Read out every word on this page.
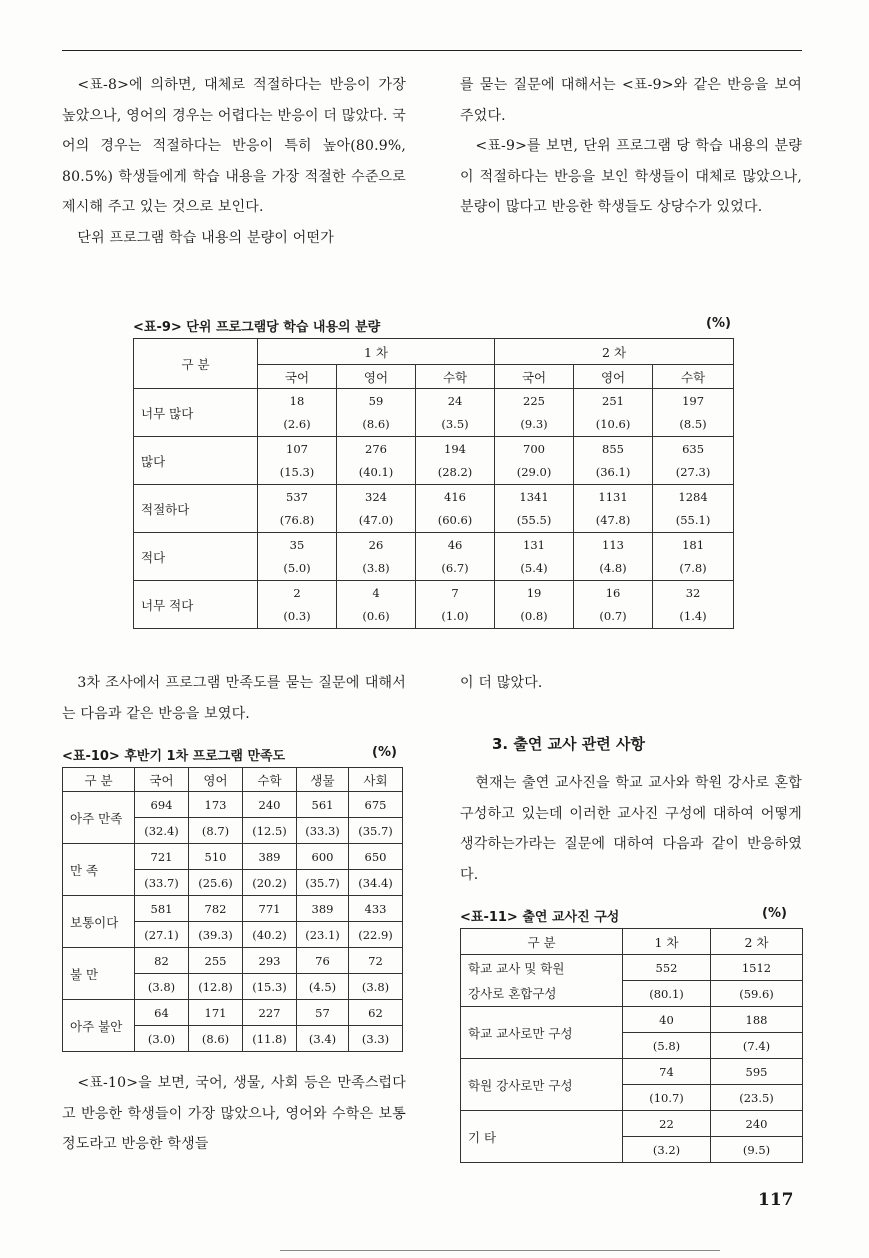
<표-8>에 의하면, 대체로 적절하다는 반응이 가장 높았으나, 영어의 경우는 어렵다는 반응이 더 많았다. 국어의 경우는 적절하다는 반응이 특히 높아(80.9%, 80.5%) 학생들에게 학습 내용을 가장 적절한 수준으로 제시해 주고 있는 것으로 보인다.

단위 프로그램 학습 내용의 분량이 어떤가

를 묻는 질문에 대해서는 <표-9>와 같은 반응을 보여 주었다.

<표-9>를 보면, 단위 프로그램 당 학습 내용의 분량이 적절하다는 반응을 보인 학생들이 대체로 많았으나, 분량이 많다고 반응한 학생들도 상당수가 있었다.

<표-9> 단위 프로그램당 학습 내용의 분량	(%)
구 분	1 차			2 차		
	국어	영어	수학	국어	영어	수학
너무 많다	18	59	24	225	251	197
	(2.6)	(8.6)	(3.5)	(9.3)	(10.6)	(8.5)
많다	107	276	194	700	855	635
	(15.3)	(40.1)	(28.2)	(29.0)	(36.1)	(27.3)
적절하다	537	324	416	1341	1131	1284
	(76.8)	(47.0)	(60.6)	(55.5)	(47.8)	(55.1)
적다	35	26	46	131	113	181
	(5.0)	(3.8)	(6.7)	(5.4)	(4.8)	(7.8)
너무 적다	2	4	7	19	16	32
	(0.3)	(0.6)	(1.0)	(0.8)	(0.7)	(1.4)

3차 조사에서 프로그램 만족도를 묻는 질문에 대해서는 다음과 같은 반응을 보였다.

이 더 많았다.

<표-10> 후반기 1차 프로그램 만족도	(%)
구 분	국어	영어	수학	생물	사회
아주 만족	694	173	240	561	675
	(32.4)	(8.7)	(12.5)	(33.3)	(35.7)
만 족	721	510	389	600	650
	(33.7)	(25.6)	(20.2)	(35.7)	(34.4)
보통이다	581	782	771	389	433
	(27.1)	(39.3)	(40.2)	(23.1)	(22.9)
불 만	82	255	293	76	72
	(3.8)	(12.8)	(15.3)	(4.5)	(3.8)
아주 불안	64	171	227	57	62
	(3.0)	(8.6)	(11.8)	(3.4)	(3.3)

<표-10>을 보면, 국어, 생물, 사회 등은 만족스럽다고 반응한 학생들이 가장 많았으나, 영어와 수학은 보통 정도라고 반응한 학생들

3. 출연 교사 관련 사항

현재는 출연 교사진을 학교 교사와 학원 강사로 혼합 구성하고 있는데 이러한 교사진 구성에 대하여 어떻게 생각하는가라는 질문에 대하여 다음과 같이 반응하였다.

<표-11> 출연 교사진 구성	(%)
구 분	1 차	2 차
학교 교사 및 학원	552	1512
강사로 혼합구성	(80.1)	(59.6)
학교 교사로만 구성	40	188
	(5.8)	(7.4)
학원 강사로만 구성	74	595
	(10.7)	(23.5)
기 타	22	240
	(3.2)	(9.5)
117
